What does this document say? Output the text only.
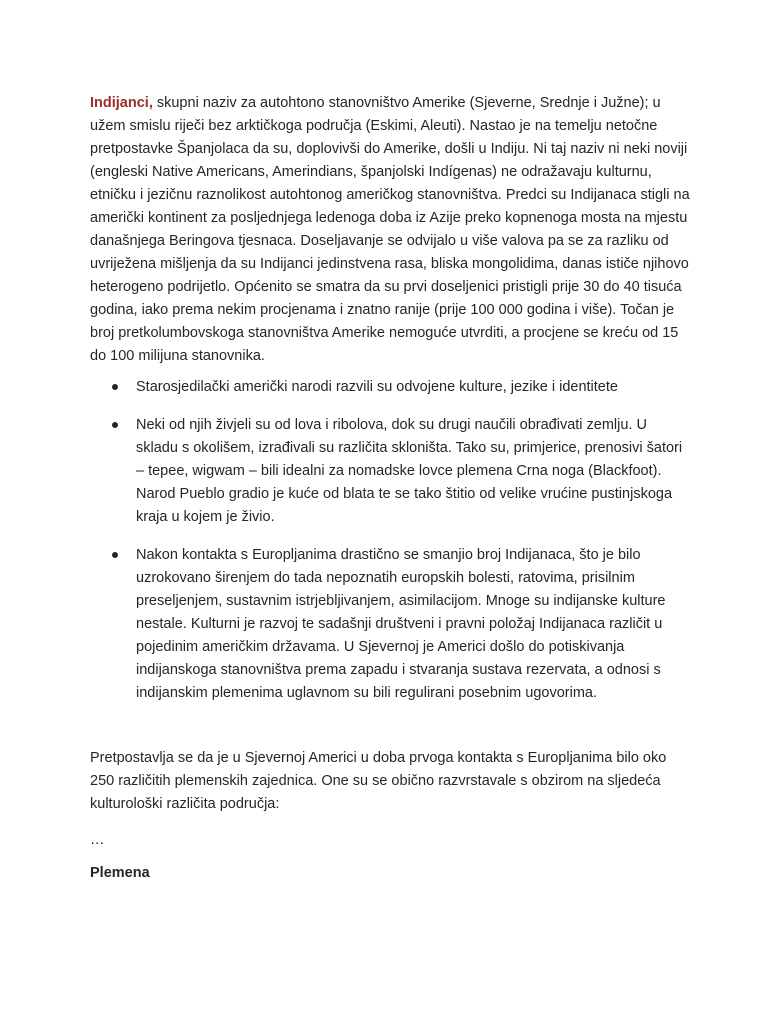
Indijanci, skupni naziv za autohtono stanovništvo Amerike (Sjeverne, Srednje i Južne); u užem smislu riječi bez arktičkoga područja (Eskimi, Aleuti). Nastao je na temelju netočne pretpostavke Španjolaca da su, doplovivši do Amerike, došli u Indiju. Ni taj naziv ni neki noviji (engleski Native Americans, Amerindians, španjolski Indígenas) ne odražavaju kulturnu, etničku i jezičnu raznolikost autohtonog američkog stanovništva. Predci su Indijanaca stigli na američki kontinent za posljednjega ledenoga doba iz Azije preko kopnenoga mosta na mjestu današnjega Beringova tjesnaca. Doseljavanje se odvijalo u više valova pa se za razliku od uvriježena mišljenja da su Indijanci jedinstvena rasa, bliska mongolidima, danas ističe njihovo heterogeno podrijetlo. Općenito se smatra da su prvi doseljenici pristigli prije 30 do 40 tisuća godina, iako prema nekim procjenama i znatno ranije (prije 100 000 godina i više). Točan je broj pretkolumbovskoga stanovništva Amerike nemoguće utvrditi, a procjene se kreću od 15 do 100 milijuna stanovnika.

Starosjedilački američki narodi razvili su odvojene kulture, jezike i identitete
Neki od njih živjeli su od lova i ribolova, dok su drugi naučili obrađivati zemlju. U skladu s okolišem, izrađivali su različita skloništa. Tako su, primjerice, prenosivi šatori – tepee, wigwam – bili idealni za nomadske lovce plemena Crna noga (Blackfoot). Narod Pueblo gradio je kuće od blata te se tako štitio od velike vrućine pustinjskoga kraja u kojem je živio.
Nakon kontakta s Europljanima drastično se smanjio broj Indijanaca, što je bilo uzrokovano širenjem do tada nepoznatih europskih bolesti, ratovima, prisilnim preseljenjem, sustavnim istrjebljivanjem, asimilacijom. Mnoge su indijanske kulture nestale. Kulturni je razvoj te sadašnji društveni i pravni položaj Indijanaca različit u pojedinim američkim državama. U Sjevernoj je Americi došlo do potiskivanja indijanskoga stanovništva prema zapadu i stvaranja sustava rezervata, a odnosi s indijanskim plemenima uglavnom su bili regulirani posebnim ugovorima.

Pretpostavlja se da je u Sjevernoj Americi u doba prvoga kontakta s Europljanima bilo oko 250 različitih plemenskih zajednica. One su se obično razvrstavale s obzirom na sljedeća kulturološki različita područja:

…

Plemena
